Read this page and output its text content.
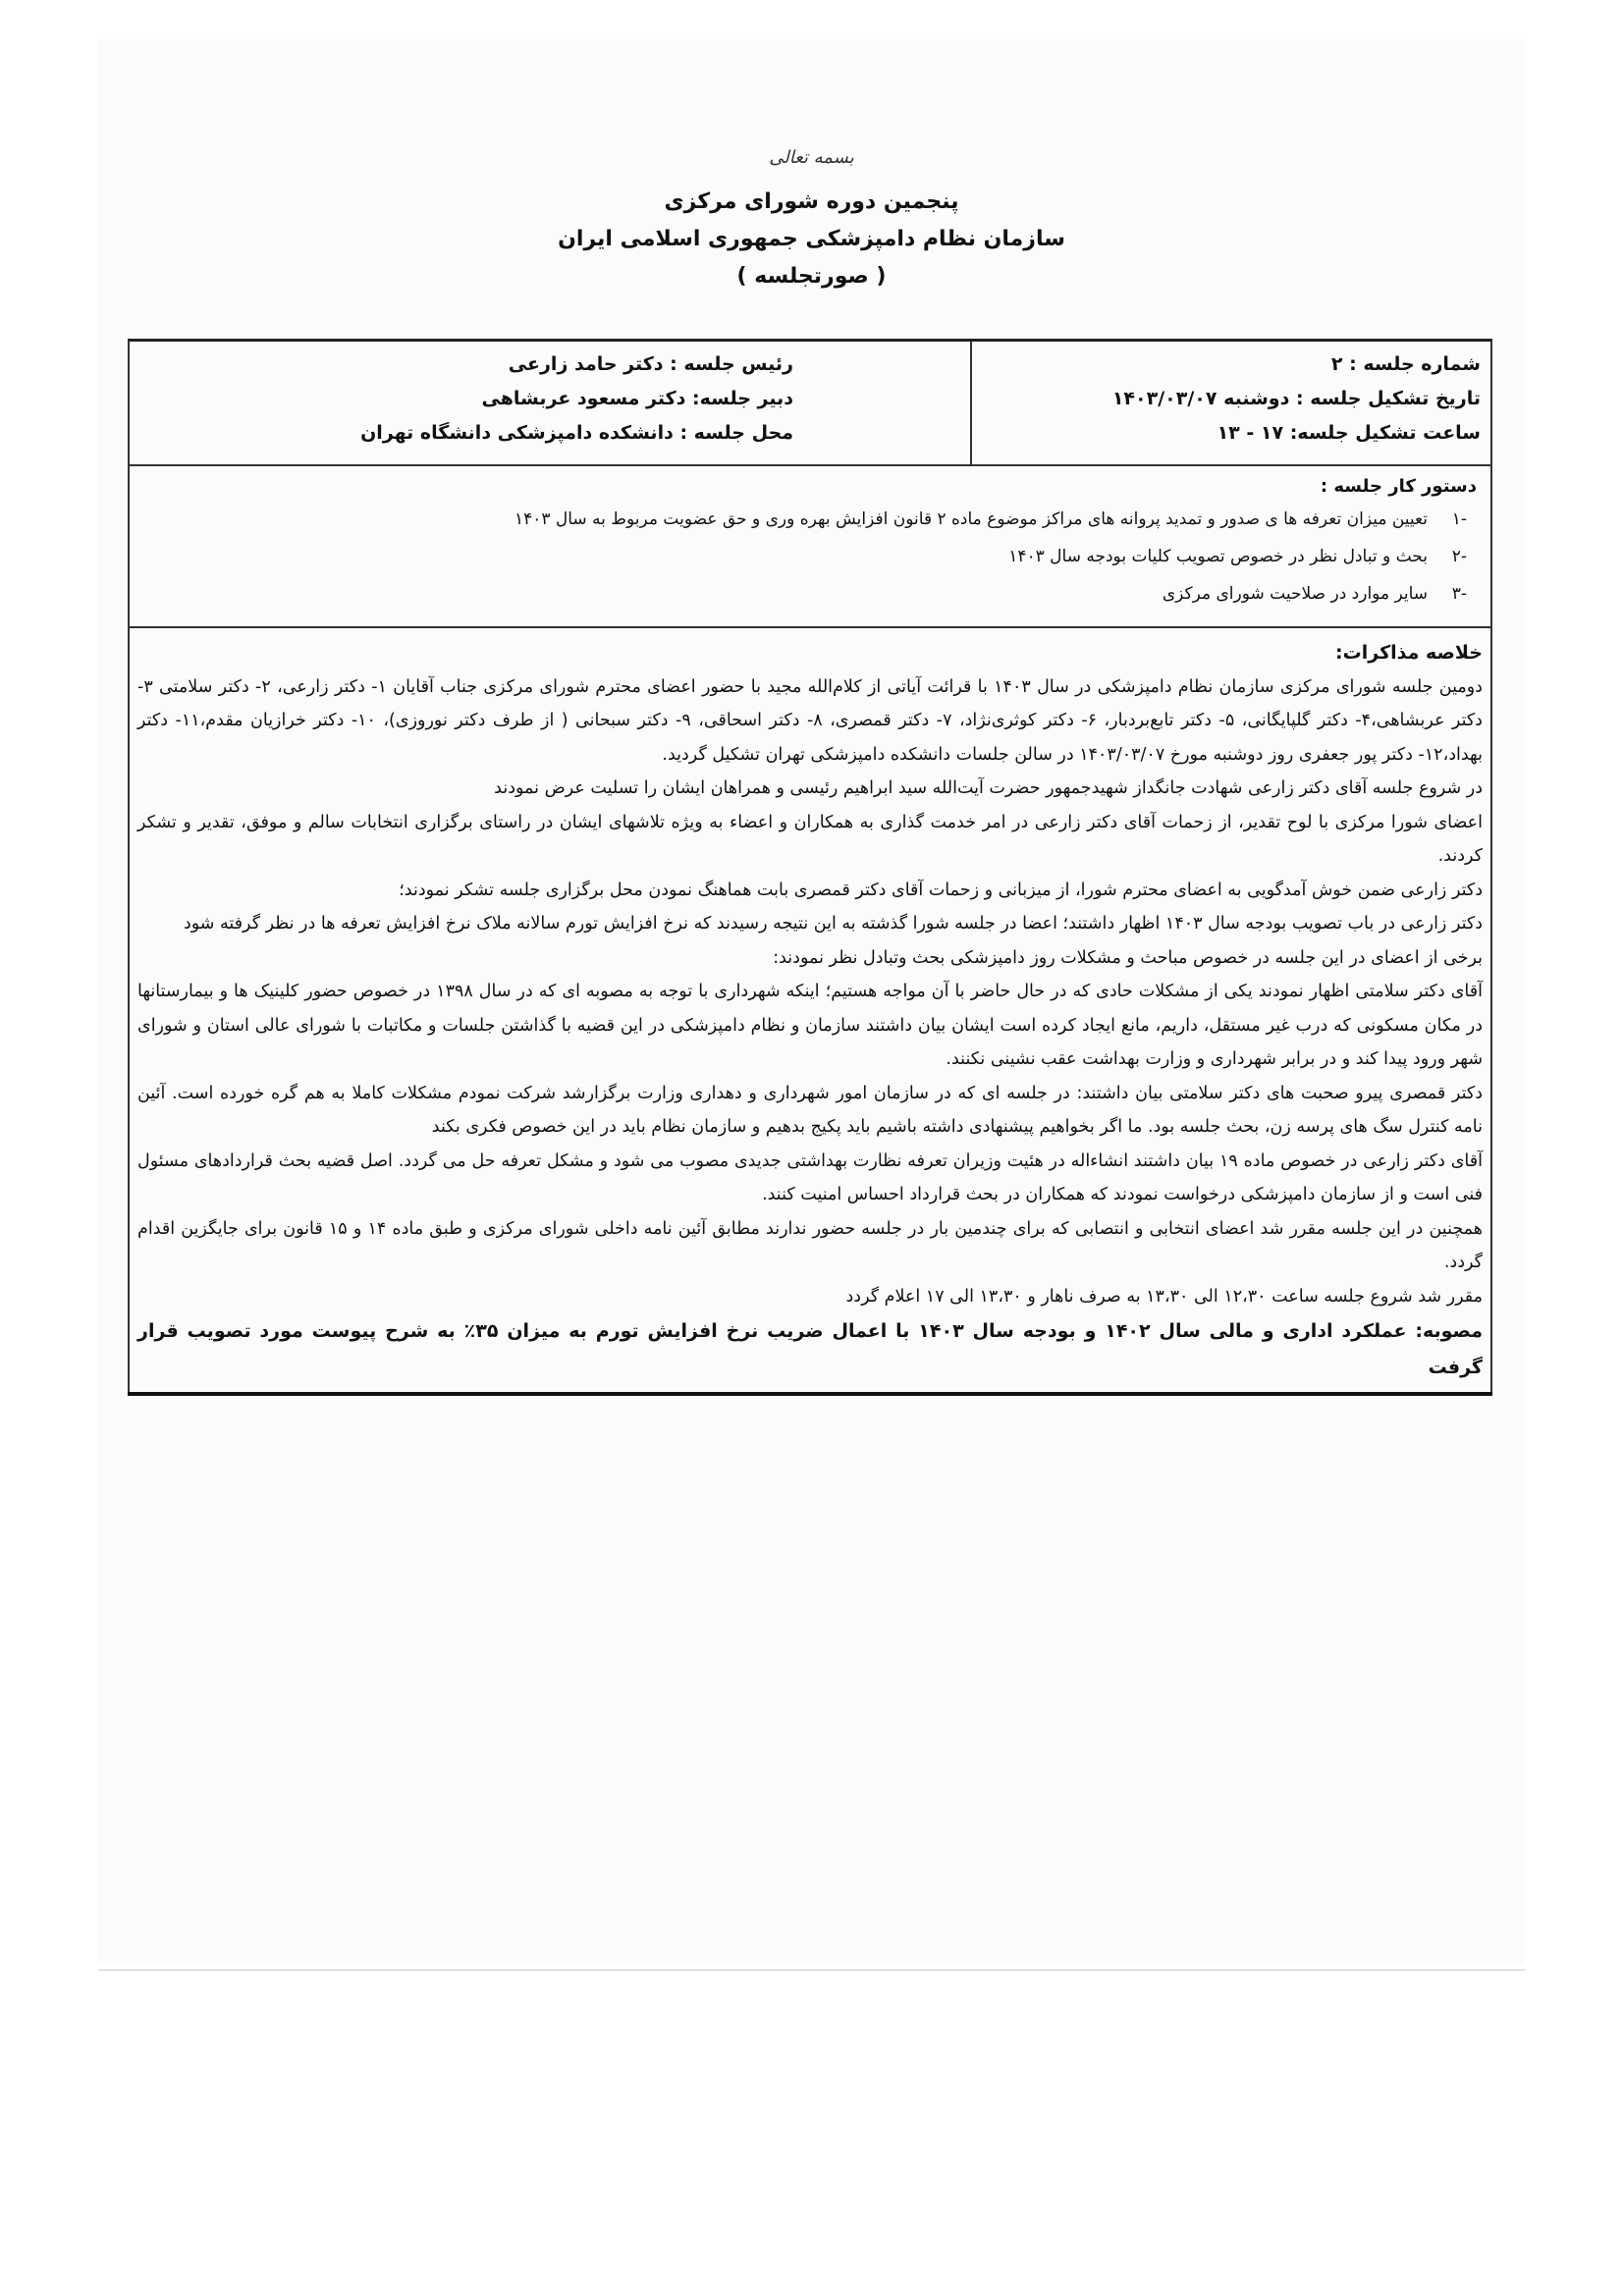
بسمه تعالی
پنجمین دوره شورای مرکزی
سازمان نظام دامپزشکی جمهوری اسلامی ایران
( صورتجلسه )
شماره جلسه : ۲
تاریخ تشکیل جلسه : دوشنبه ۱۴۰۳/۰۳/۰۷
ساعت تشکیل جلسه: ۱۷ - ۱۳
رئیس جلسه : دکتر حامد زارعی
دبیر جلسه: دکتر مسعود عربشاهی
محل جلسه : دانشکده دامپزشکی دانشگاه تهران
دستور کار جلسه :
-۱
تعیین میزان تعرفه ها ی صدور و تمدید پروانه های مراکز موضوع ماده ۲ قانون افزایش بهره وری و حق عضویت مربوط به سال ۱۴۰۳
-۲
بحث و تبادل نظر در خصوص تصویب کلیات بودجه سال ۱۴۰۳
-۳
سایر موارد در صلاحیت شورای مرکزی
خلاصه مذاکرات:

دومین جلسه شورای مرکزی سازمان نظام دامپزشکی در سال ۱۴۰۳ با قرائت آیاتی از کلام‌الله مجید با حضور اعضای محترم شورای مرکزی جناب آقایان ۱- دکتر زارعی، ۲- دکتر سلامتی ۳- دکتر عربشاهی،۴- دکتر گلپایگانی، ۵- دکتر تابع‌بردبار، ۶- دکتر کوثری‌نژاد، ۷- دکتر قمصری، ۸- دکتر اسحاقی، ۹- دکتر سبحانی ( از طرف دکتر نوروزی)، ۱۰- دکتر خرازیان مقدم،۱۱- دکتر بهداد،۱۲- دکتر پور جعفری روز دوشنبه مورخ ۱۴۰۳/۰۳/۰۷ در سالن جلسات دانشکده دامپزشکی تهران تشکیل گردید.

در شروع جلسه آقای دکتر زارعی شهادت جانگداز شهیدجمهور حضرت آیت‌الله سید ابراهیم رئیسی و همراهان ایشان را تسلیت عرض نمودند

اعضای شورا مرکزی با لوح تقدیر، از زحمات آقای دکتر زارعی در امر خدمت گذاری به همکاران و اعضاء به ویژه تلاشهای ایشان در راستای برگزاری انتخابات سالم و موفق، تقدیر و تشکر کردند.

دکتر زارعی ضمن خوش آمدگویی به اعضای محترم شورا، از میزبانی و زحمات آقای دکتر قمصری بابت هماهنگ نمودن محل برگزاری جلسه تشکر نمودند؛

دکتر زارعی در باب تصویب بودجه سال ۱۴۰۳ اظهار داشتند؛ اعضا در جلسه شورا گذشته به این نتیجه رسیدند که نرخ افزایش تورم سالانه ملاک نرخ افزایش تعرفه ها در نظر گرفته شود

برخی از اعضای در این جلسه در خصوص مباحث و مشکلات روز دامپزشکی بحث وتبادل نظر نمودند:

آقای دکتر سلامتی اظهار نمودند یکی از مشکلات حادی که در حال حاضر با آن مواجه هستیم؛ اینکه شهرداری با توجه به مصوبه ای که در سال ۱۳۹۸ در خصوص حضور کلینیک ها و بیمارستانها در مکان مسکونی که درب غیر مستقل، داریم، مانع ایجاد کرده است ایشان بیان داشتند سازمان و نظام دامپزشکی در این قضیه با گذاشتن جلسات و مکاتبات با شورای عالی استان و شورای شهر ورود پیدا کند و در برابر شهرداری و وزارت بهداشت عقب نشینی نکنند.

دکتر قمصری پیرو صحبت های دکتر سلامتی بیان داشتند: در جلسه ای که در سازمان امور شهرداری و دهداری وزارت برگزارشد شرکت نمودم مشکلات کاملا به هم گره خورده است. آئین نامه کنترل سگ های پرسه زن، بحث جلسه بود. ما اگر بخواهیم پیشنهادی داشته باشیم باید پکیج بدهیم و سازمان نظام باید در این خصوص فکری بکند

آقای دکتر زارعی در خصوص ماده ۱۹ بیان داشتند انشاءاله در هئیت وزیران تعرفه نظارت بهداشتی جدیدی مصوب می شود و مشکل تعرفه حل می گردد. اصل قضیه بحث قراردادهای مسئول فنی است و از سازمان دامپزشکی درخواست نمودند که همکاران در بحث قرارداد احساس امنیت کنند.

همچنین در این جلسه مقرر شد اعضای انتخابی و انتصابی که برای چندمین بار در جلسه حضور ندارند مطابق آئین نامه داخلی شورای مرکزی و طبق ماده ۱۴ و ۱۵ قانون برای جایگزین اقدام گردد.

مقرر شد شروع جلسه ساعت ۱۲،۳۰ الی ۱۳،۳۰ به صرف ناهار و ۱۳،۳۰ الی ۱۷ اعلام گردد

مصوبه: عملکرد اداری و مالی سال ۱۴۰۲ و بودجه سال ۱۴۰۳ با اعمال ضریب نرخ افزایش تورم به میزان ۳۵٪ به شرح پیوست مورد تصویب قرار گرفت
